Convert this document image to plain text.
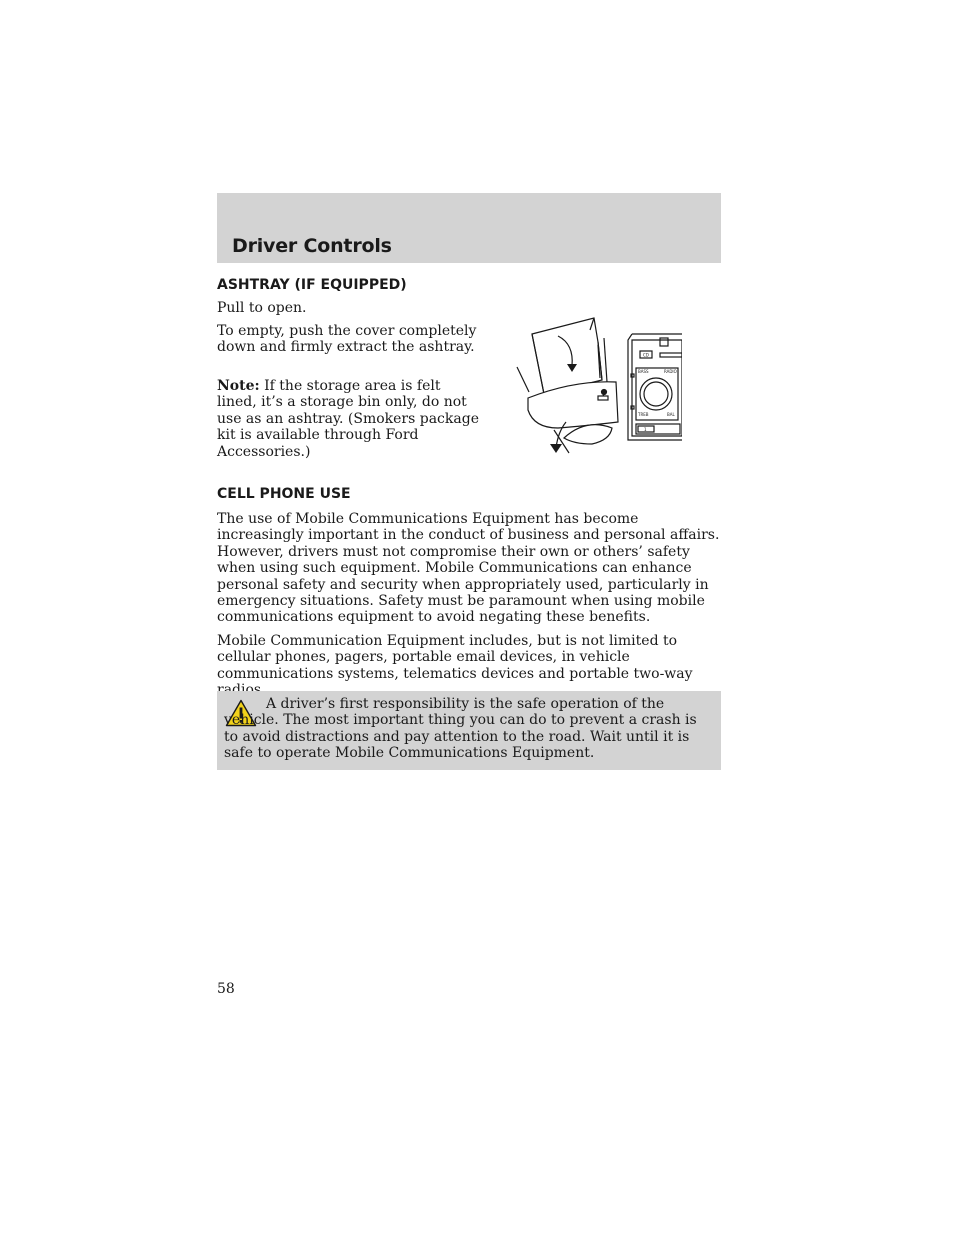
Driver Controls
ASHTRAY (IF EQUIPPED)

Pull to open.

To empty, push the cover completely down and firmly extract the ashtray.

Note: If the storage area is felt lined, it’s a storage bin only, do not use as an ashtray. (Smokers package kit is available through Ford Accessories.)

CD
BASS	RADIO
TREB	BAL
1
CELL PHONE USE

The use of Mobile Communications Equipment has become increasingly important in the conduct of business and personal affairs. However, drivers must not compromise their own or others’ safety when using such equipment. Mobile Communications can enhance personal safety and security when appropriately used, particularly in emergency situations. Safety must be paramount when using mobile communications equipment to avoid negating these benefits.

Mobile Communication Equipment includes, but is not limited to cellular phones, pagers, portable email devices, in vehicle communications systems, telematics devices and portable two-way

A driver’s first responsibility is the safe operation of the vehicle. The most important thing you can do to prevent a crash is to avoid distractions and pay attention to the road. Wait until it is safe to operate Mobile Communications Equipment.

58
